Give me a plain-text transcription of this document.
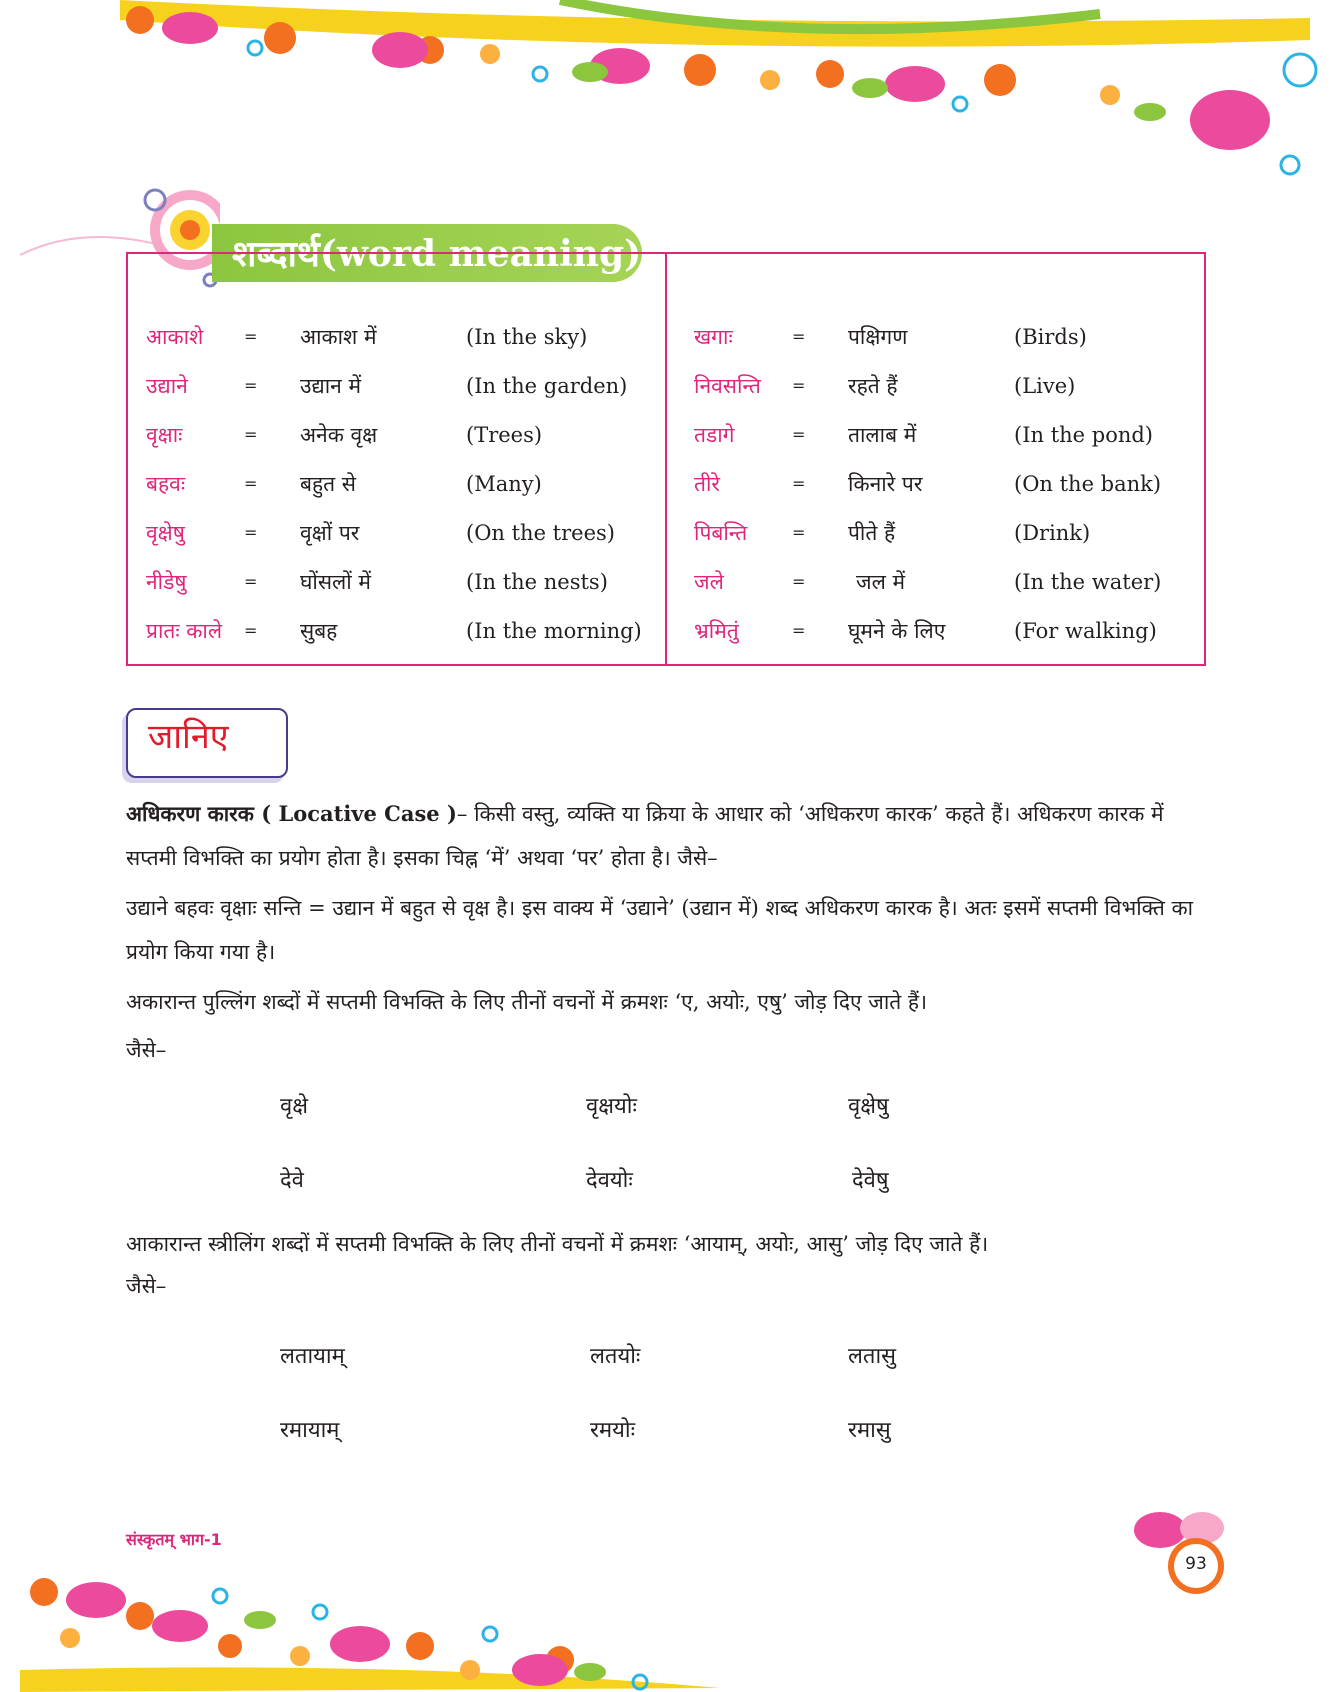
शब्दार्थ(word meaning)
आकाशे	= आकाश में	(In the sky)
उद्याने	= उद्यान में	(In the garden)
वृक्षाः	= अनेक वृक्ष	(Trees)
बहवः	= बहुत से	(Many)
वृक्षेषु	= वृक्षों पर	(On the trees)
नीडेषु	= घोंसलों में	(In the nests)
प्रातः काले = सुबह	(In the morning)
खगाः	= पक्षिगण	(Birds)
निवसन्ति = रहते हैं	(Live)
तडागे	= तालाब में	(In the pond)
तीरे	= किनारे पर	(On the bank)
पिबन्ति	= पीते हैं	(Drink)
जले	= जल में	(In the water)
भ्रमितुं	= घूमने के लिए	(For walking)
जानिए
अधिकरण कारक ( Locative Case )– किसी वस्तु, व्यक्ति या क्रिया के आधार को ‘अधिकरण कारक’ कहते हैं। अधिकरण कारक में सप्तमी विभक्ति का प्रयोग होता है। इसका चिह्न ‘में’ अथवा ‘पर’ होता है। जैसे–
उद्याने बहवः वृक्षाः सन्ति = उद्यान में बहुत से वृक्ष है। इस वाक्य में ‘उद्याने’ (उद्यान में) शब्द अधिकरण कारक है। अतः इसमें सप्तमी विभक्ति का प्रयोग किया गया है।
अकारान्त पुल्लिंग शब्दों में सप्तमी विभक्ति के लिए तीनों वचनों में क्रमशः ‘ए, अयोः, एषु’ जोड़ दिए जाते हैं।
जैसे–
वृक्षे	वृक्षयोः	वृक्षेषु
देवे	देवयोः	देवेषु
आकारान्त स्त्रीलिंग शब्दों में सप्तमी विभक्ति के लिए तीनों वचनों में क्रमशः ‘आयाम्, अयोः, आसु’ जोड़ दिए जाते हैं।
जैसे–
लतायाम्	लतयोः	लतासु
रमायाम्	रमयोः	रमासु
संस्कृतम् भाग-1
93
